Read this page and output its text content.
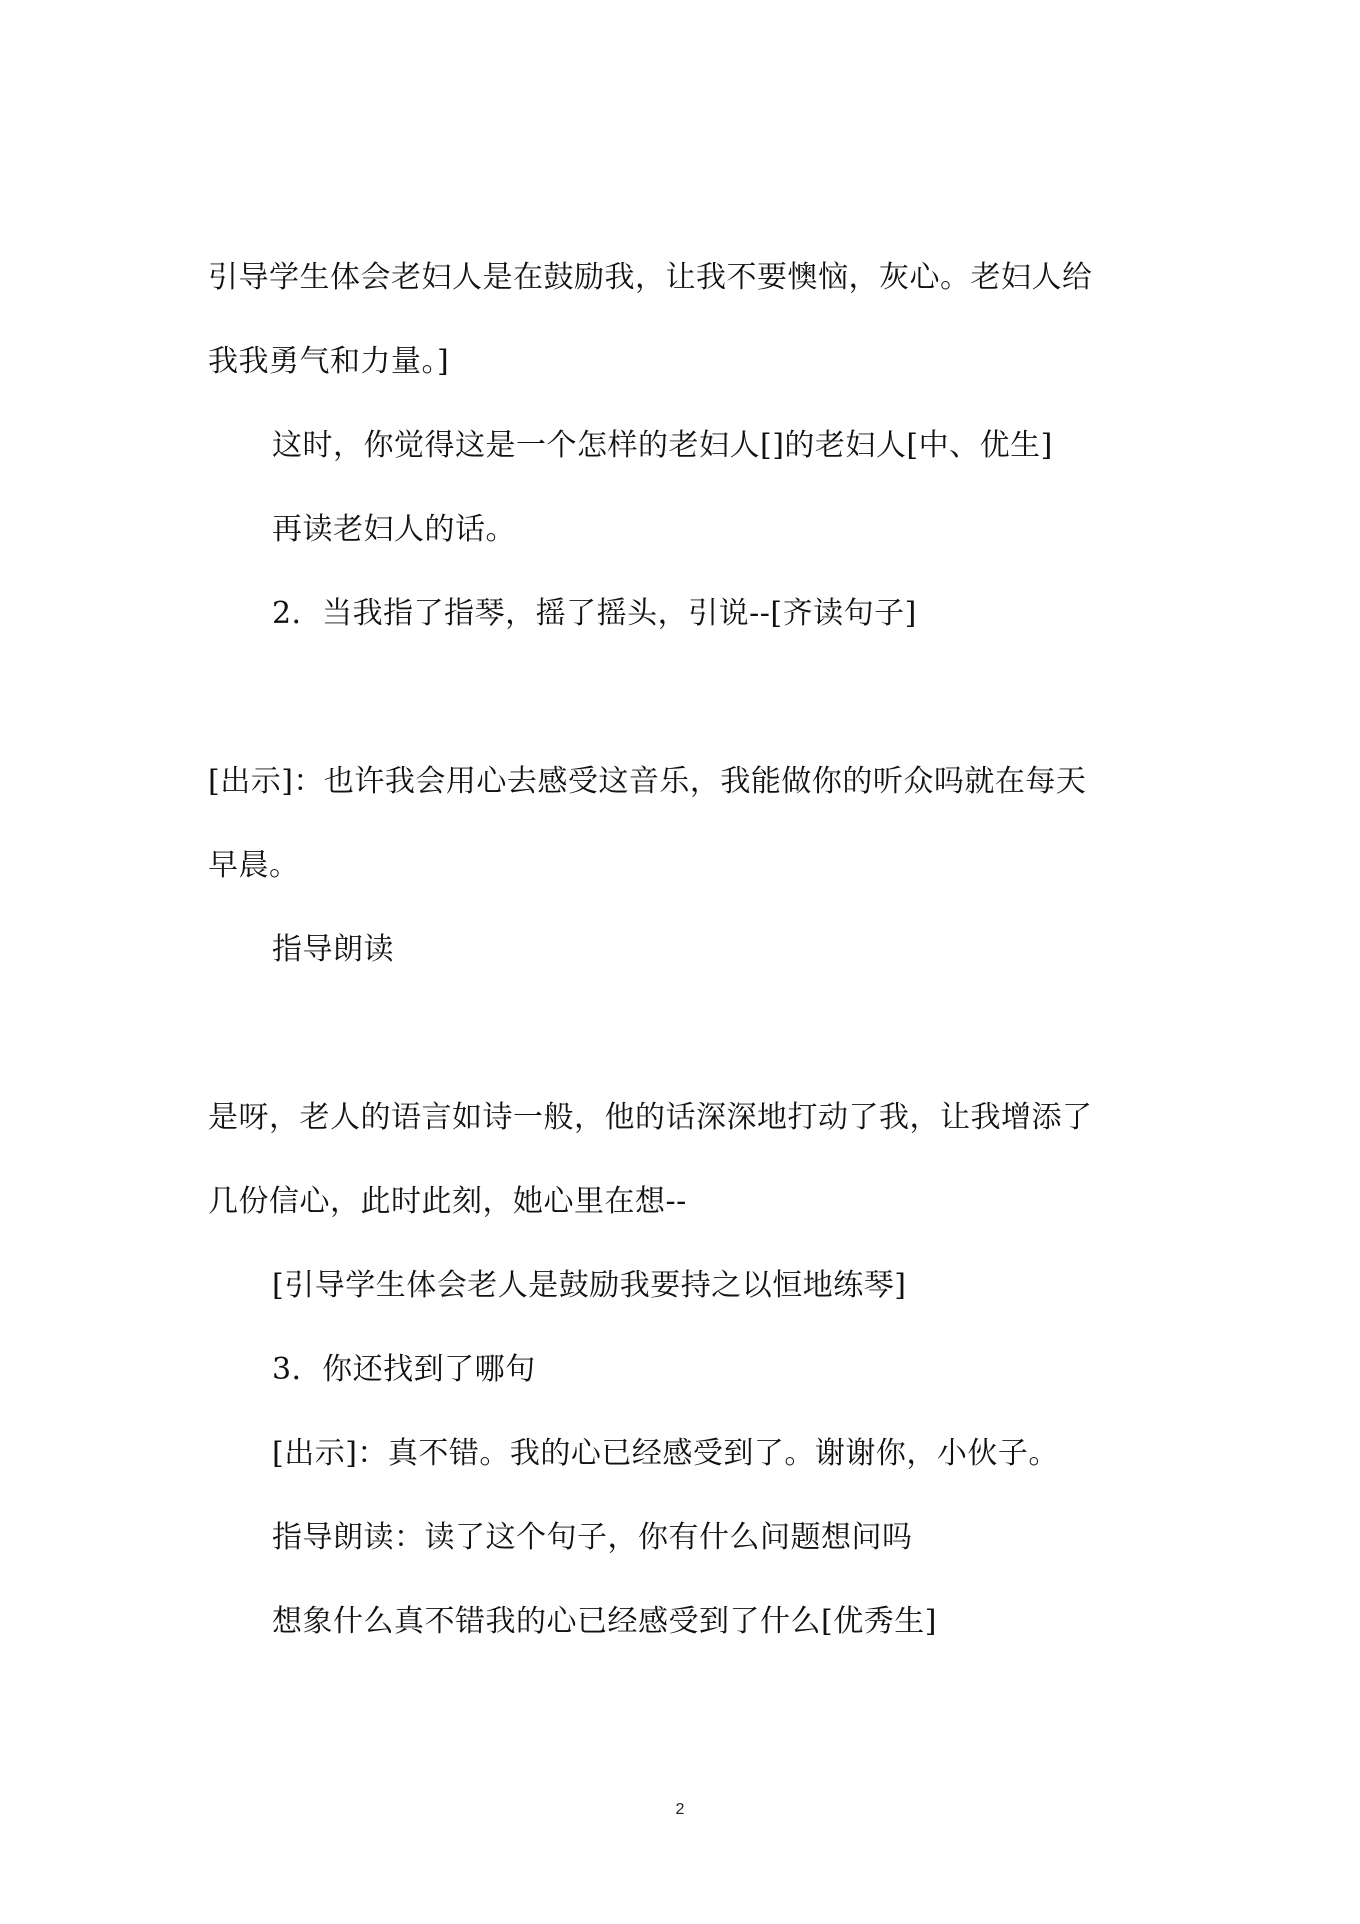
引导学生体会老妇人是在鼓励我，让我不要懊恼，灰心。老妇人给
我我勇气和力量。]
这时，你觉得这是一个怎样的老妇人[]的老妇人[中、优生]
再读老妇人的话。
2．当我指了指琴，摇了摇头，引说--[齐读句子]
[出示]：也许我会用心去感受这音乐，我能做你的听众吗就在每天
早晨。
指导朗读
是呀，老人的语言如诗一般，他的话深深地打动了我，让我增添了
几份信心，此时此刻，她心里在想--
[引导学生体会老人是鼓励我要持之以恒地练琴]
3．你还找到了哪句
[出示]：真不错。我的心已经感受到了。谢谢你，小伙子。
指导朗读：读了这个句子，你有什么问题想问吗
想象什么真不错我的心已经感受到了什么[优秀生]
2
